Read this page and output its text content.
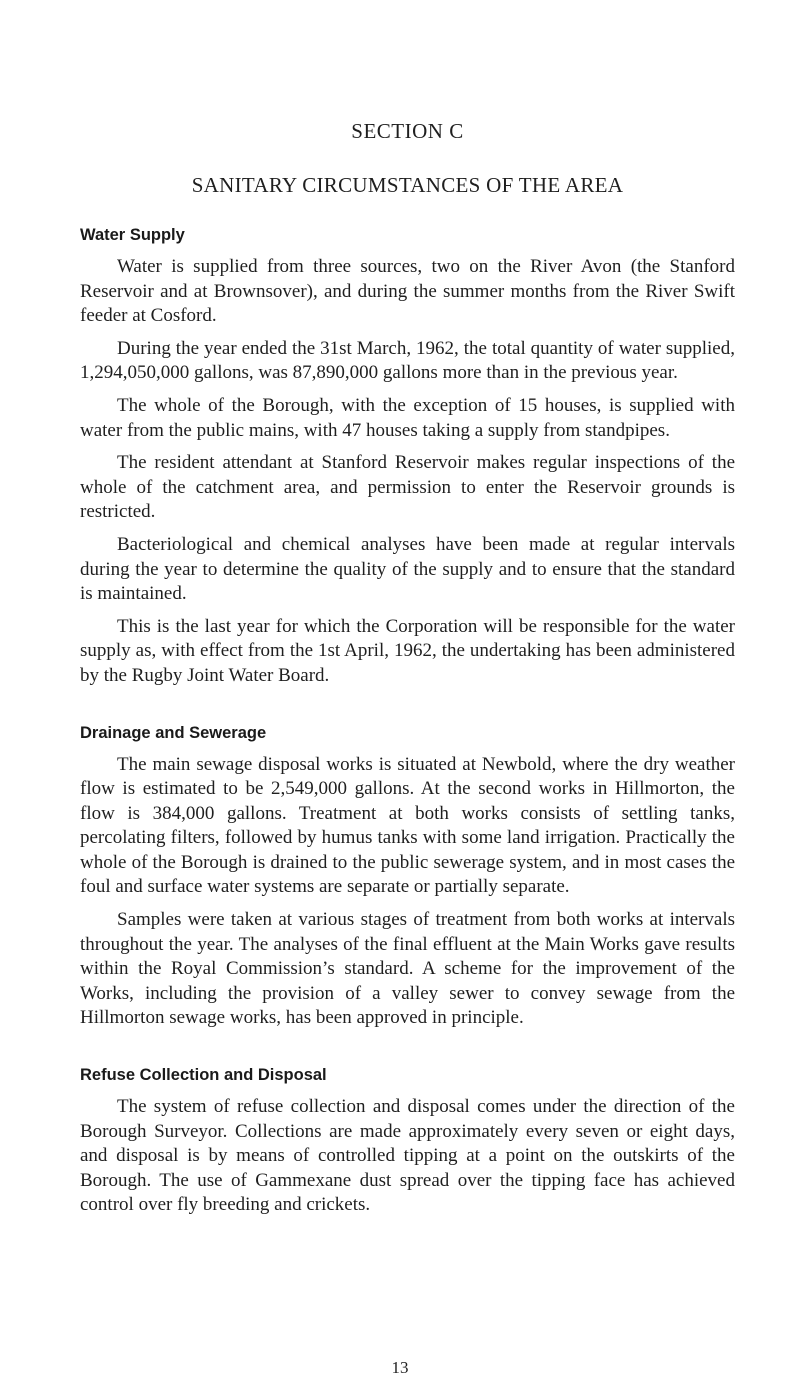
SECTION C
SANITARY CIRCUMSTANCES OF THE AREA
Water Supply

Water is supplied from three sources, two on the River Avon (the Stanford Reservoir and at Brownsover), and during the summer months from the River Swift feeder at Cosford.

During the year ended the 31st March, 1962, the total quantity of water supplied, 1,294,050,000 gallons, was 87,890,000 gallons more than in the previous year.

The whole of the Borough, with the exception of 15 houses, is supplied with water from the public mains, with 47 houses taking a supply from standpipes.

The resident attendant at Stanford Reservoir makes regular inspections of the whole of the catchment area, and permission to enter the Reservoir grounds is restricted.

Bacteriological and chemical analyses have been made at regular intervals during the year to determine the quality of the supply and to ensure that the standard is maintained.

This is the last year for which the Corporation will be responsible for the water supply as, with effect from the 1st April, 1962, the undertaking has been administered by the Rugby Joint Water Board.

Drainage and Sewerage

The main sewage disposal works is situated at Newbold, where the dry weather flow is estimated to be 2,549,000 gallons. At the second works in Hillmorton, the flow is 384,000 gallons. Treatment at both works consists of settling tanks, percolating filters, followed by humus tanks with some land irrigation. Practically the whole of the Borough is drained to the public sewerage system, and in most cases the foul and surface water systems are separate or partially separate.

Samples were taken at various stages of treatment from both works at intervals throughout the year. The analyses of the final effluent at the Main Works gave results within the Royal Commission’s standard. A scheme for the improvement of the Works, including the provision of a valley sewer to convey sewage from the Hillmorton sewage works, has been approved in principle.

Refuse Collection and Disposal

The system of refuse collection and disposal comes under the direction of the Borough Surveyor. Collections are made approximately every seven or eight days, and disposal is by means of controlled tipping at a point on the outskirts of the Borough. The use of Gammexane dust spread over the tipping face has achieved control over fly breeding and crickets.

13
